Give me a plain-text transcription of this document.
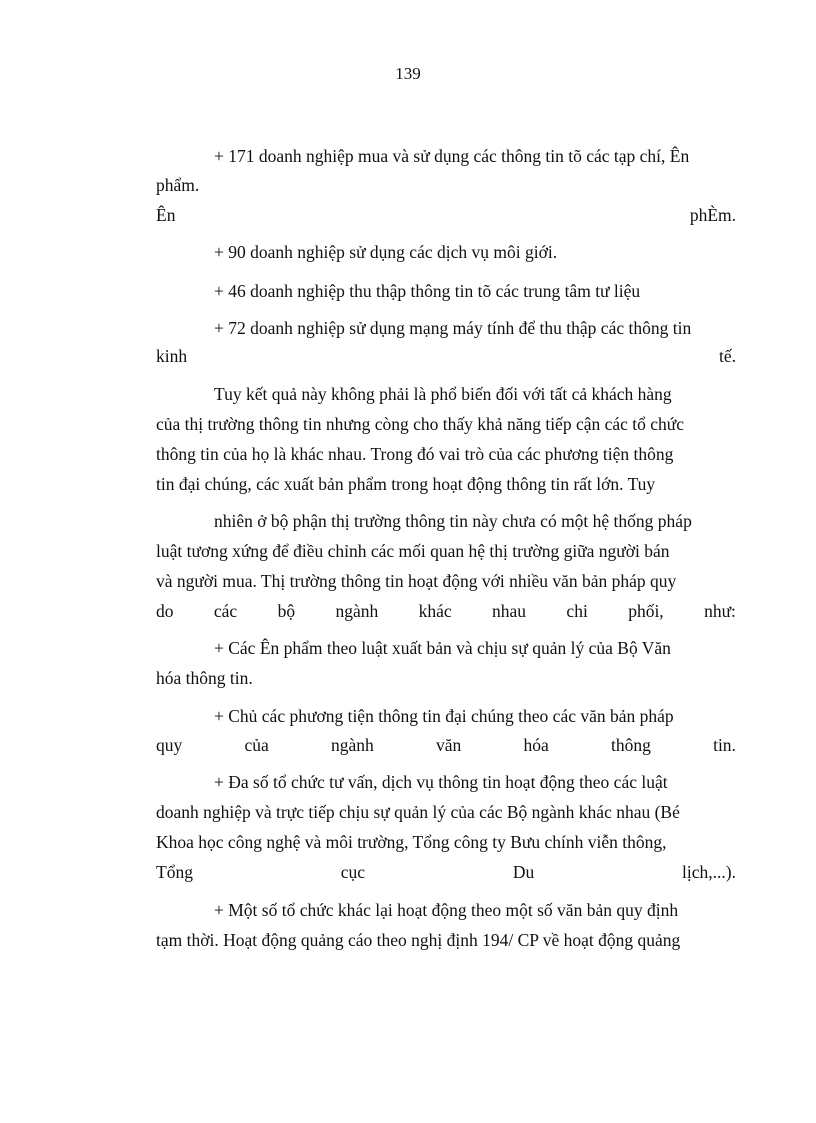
139
+ 171 doanh nghiệp mua và sử dụng các thông tin tõ các tạp chí, Ên
phẩm.
Ên	phÈm.
+ 90 doanh nghiệp sử dụng các dịch vụ môi giới.
+ 46 doanh nghiệp thu thập thông tin tõ các trung tâm tư liệu
+ 72 doanh nghiệp sử dụng mạng máy tính để thu thập các thông tin
kinh	tế.
Tuy kết quả này không phải là phổ biến đối với tất cả khách hàng
của thị trường thông tin nhưng còng cho thấy khả năng tiếp cận các tổ chức
thông tin của họ là khác nhau. Trong đó vai trò của các phương tiện thông
tin đại chúng, các xuất bản phẩm trong hoạt động thông tin rất lớn. Tuy
nhiên ở bộ phận thị trường thông tin này chưa có một hệ thống pháp
luật tương xứng để điều chỉnh các mối quan hệ thị trường giữa người bán
và người mua. Thị trường thông tin hoạt động với nhiều văn bản pháp quy
do các bộ ngành khác nhau chi phối, như:
+ Các Ên phẩm theo luật xuất bản và chịu sự quản lý của Bộ Văn
hóa thông tin.
+ Chủ các phương tiện thông tin đại chúng theo các văn bản pháp
quy	của	ngành	văn	hóa	thông	tin.
+ Đa số tổ chức tư vấn, dịch vụ thông tin hoạt động theo các luật
doanh nghiệp và trực tiếp chịu sự quản lý của các Bộ ngành khác nhau (Bé
Khoa học công nghệ và môi trường, Tổng công ty Bưu chính viễn thông,
Tổng	cục	Du	lịch,...).
+ Một số tổ chức khác lại hoạt động theo một số văn bản quy định
tạm thời. Hoạt động quảng cáo theo nghị định 194/ CP về hoạt động quảng
